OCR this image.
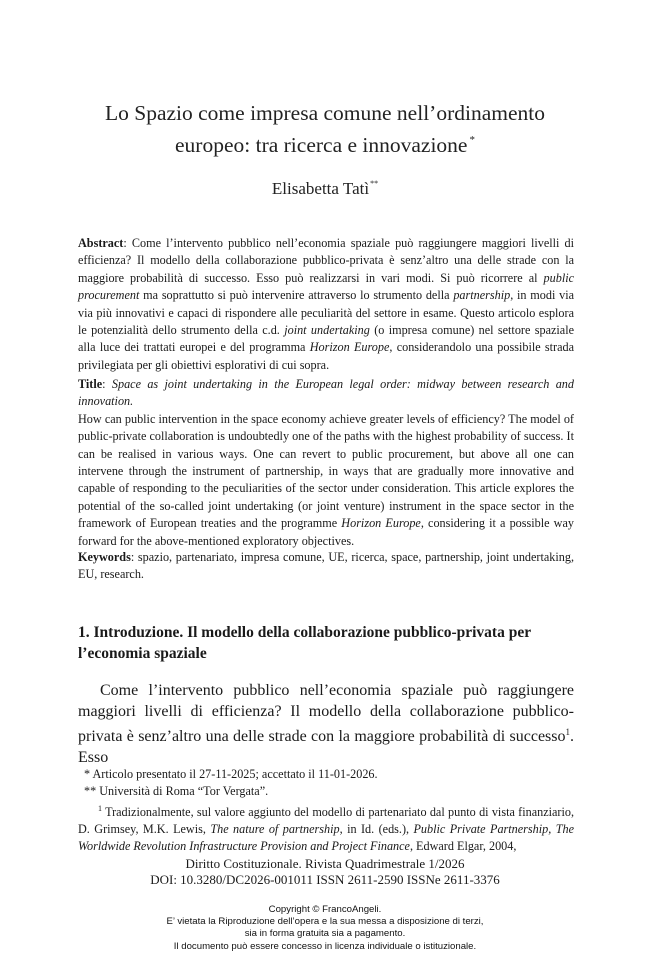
Lo Spazio come impresa comune nell’ordinamento
europeo: tra ricerca e innovazione *
Elisabetta Tatì**
Abstract: Come l’intervento pubblico nell’economia spaziale può raggiungere maggiori livelli di efficienza? Il modello della collaborazione pubblico-privata è senz’altro una delle strade con la maggiore probabilità di successo. Esso può realizzarsi in vari modi. Si può ricorrere al public procurement ma soprattutto si può intervenire attraverso lo strumento della partnership, in modi via via più innovativi e capaci di rispondere alle peculiarità del settore in esame. Questo articolo esplora le potenzialità dello strumento della c.d. joint undertaking (o impresa comune) nel settore spaziale alla luce dei trattati europei e del programma Horizon Europe, considerandolo una possibile strada privilegiata per gli obiettivi esplorativi di cui sopra.
Title: Space as joint undertaking in the European legal order: midway between research and innovation.
How can public intervention in the space economy achieve greater levels of efficiency? The model of public-private collaboration is undoubtedly one of the paths with the highest probability of success. It can be realised in various ways. One can revert to public procurement, but above all one can intervene through the instrument of partnership, in ways that are gradually more innovative and capable of responding to the peculiarities of the sector under consideration. This article explores the potential of the so-called joint undertaking (or joint venture) instrument in the space sector in the framework of European treaties and the programme Horizon Europe, considering it a possible way forward for the above-mentioned exploratory objectives.
Keywords: spazio, partenariato, impresa comune, UE, ricerca, space, partnership, joint undertaking, EU, research.
1. Introduzione. Il modello della collaborazione pubblico-privata per l’economia spaziale
Come l’intervento pubblico nell’economia spaziale può raggiungere maggiori livelli di efficienza? Il modello della collaborazione pubblico-privata è senz’altro una delle strade con la maggiore probabilità di successo$^1$. Esso

* Articolo presentato il 27-11-2025; accettato il 11-01-2026.

** Università di Roma “Tor Vergata”.

$^1$ Tradizionalmente, sul valore aggiunto del modello di partenariato dal punto di vista finanziario, D. Grimsey, M.K. Lewis, The nature of partnership, in Id. (eds.), Public Private Partnership, The Worldwide Revolution Infrastructure Provision and Project Finance, Edward Elgar, 2004,

Diritto Costituzionale. Rivista Quadrimestrale 1/2026
DOI: 10.3280/DC2026-001011 ISSN 2611-2590 ISSNe 2611-3376
Copyright © FrancoAngeli.
E’ vietata la Riproduzione dell’opera e la sua messa a disposizione di terzi,
sia in forma gratuita sia a pagamento.
Il documento può essere concesso in licenza individuale o istituzionale.
